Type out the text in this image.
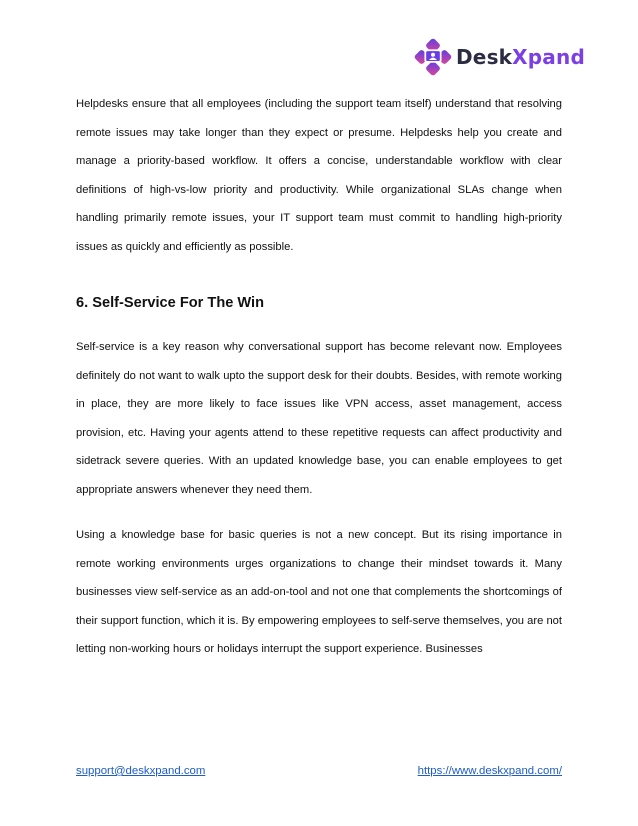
DeskXpand

Helpdesks ensure that all employees (including the support team itself) understand that resolving remote issues may take longer than they expect or presume. Helpdesks help you create and manage a priority-based workflow. It offers a concise, understandable workflow with clear definitions of high-vs-low priority and productivity. While organizational SLAs change when handling primarily remote issues, your IT support team must commit to handling high-priority issues as quickly and efficiently as possible.

6. Self-Service For The Win

Self-service is a key reason why conversational support has become relevant now. Employees definitely do not want to walk upto the support desk for their doubts. Besides, with remote working in place, they are more likely to face issues like VPN access, asset management, access provision, etc. Having your agents attend to these repetitive requests can affect productivity and sidetrack severe queries. With an updated knowledge base, you can enable employees to get appropriate answers whenever they need them.

Using a knowledge base for basic queries is not a new concept. But its rising importance in remote working environments urges organizations to change their mindset towards it. Many businesses view self-service as an add-on-tool and not one that complements the shortcomings of their support function, which it is. By empowering employees to self-serve themselves, you are not letting non-working hours or holidays interrupt the support experience. Businesses

support@deskxpand.com	https://www.deskxpand.com/
